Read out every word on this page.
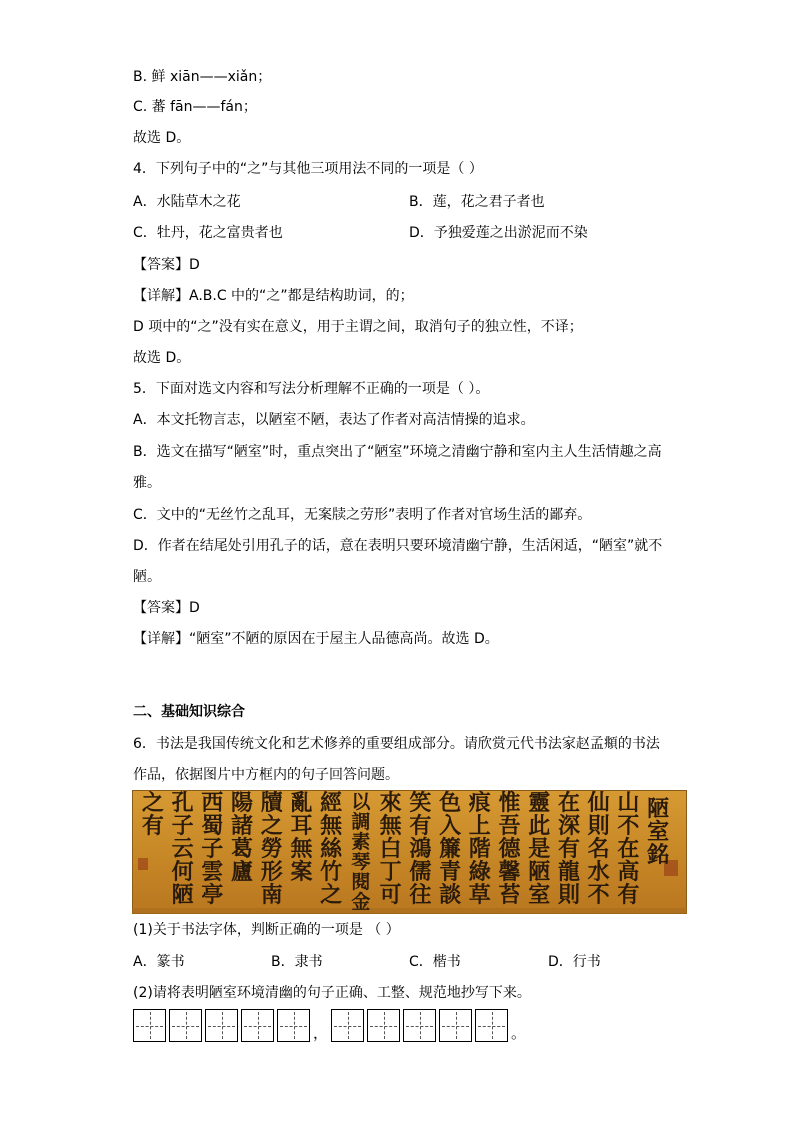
B. 鲜 xiān——xiǎn；
C. 蕃 fān——fán；
故选 D。
4．下列句子中的“之”与其他三项用法不同的一项是（ ）
A．水陆草木之花	B．莲，花之君子者也
C．牡丹，花之富贵者也	D．予独爱莲之出淤泥而不染
【答案】D
【详解】A.B.C 中的“之”都是结构助词，的；
D 项中的“之”没有实在意义，用于主谓之间，取消句子的独立性，不译；
故选 D。
5．下面对选文内容和写法分析理解不正确的一项是（ ）。
A．本文托物言志，以陋室不陋，表达了作者对高洁情操的追求。
B．选文在描写“陋室”时，重点突出了“陋室”环境之清幽宁静和室内主人生活情趣之高
雅。
C．文中的“无丝竹之乱耳，无案牍之劳形”表明了作者对官场生活的鄙弃。
D．作者在结尾处引用孔子的话，意在表明只要环境清幽宁静，生活闲适，“陋室”就不
陋。
【答案】D
【详解】“陋室”不陋的原因在于屋主人品德高尚。故选 D。
二、基础知识综合
6．书法是我国传统文化和艺术修养的重要组成部分。请欣赏元代书法家赵孟頫的书法
作品，依据图片中方框内的句子回答问题。
陋
室
銘
山
不
在
高
有
仙
則
名
水
不
在
深
有
龍
則
靈
此
是
陋
室
惟
吾
德
馨
苔
痕
上
階
綠
草
色
入
簾
青
談
笑
有
鴻
儒
往
來
無
白
丁
可
以
調
素
琴
閱
金
經
無
絲
竹
之
亂
耳
無
案
牘
之
勞
形
南
陽
諸
葛
廬
西
蜀
子
雲
亭
孔
子
云
何
陋
之
有
(1)关于书法字体，判断正确的一项是 （ ）
A．篆书	B．隶书	C．楷书	D．行书
(2)请将表明陋室环境清幽的句子正确、工整、规范地抄写下来。
，	。
